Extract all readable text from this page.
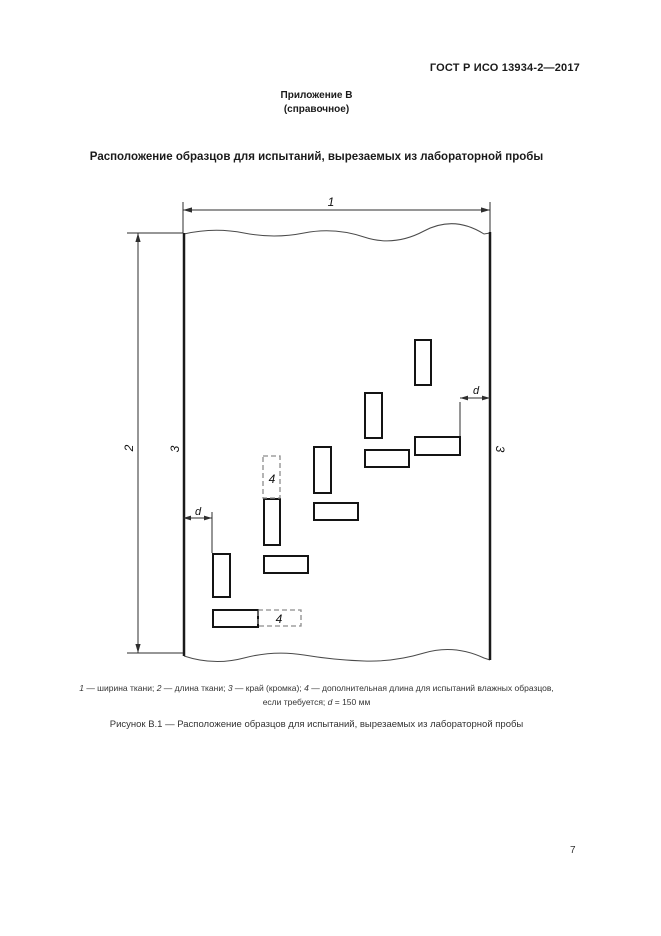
ГОСТ Р ИСО 13934-2—2017
Приложение В
(справочное)
Расположение образцов для испытаний, вырезаемых из лабораторной пробы
1
2	3	3
d
d
4
4
1 — ширина ткани; 2 — длина ткани; 3 — край (кромка); 4 — дополнительная длина для испытаний влажных образцов,
если требуется; d = 150 мм
Рисунок В.1 — Расположение образцов для испытаний, вырезаемых из лабораторной пробы
7
